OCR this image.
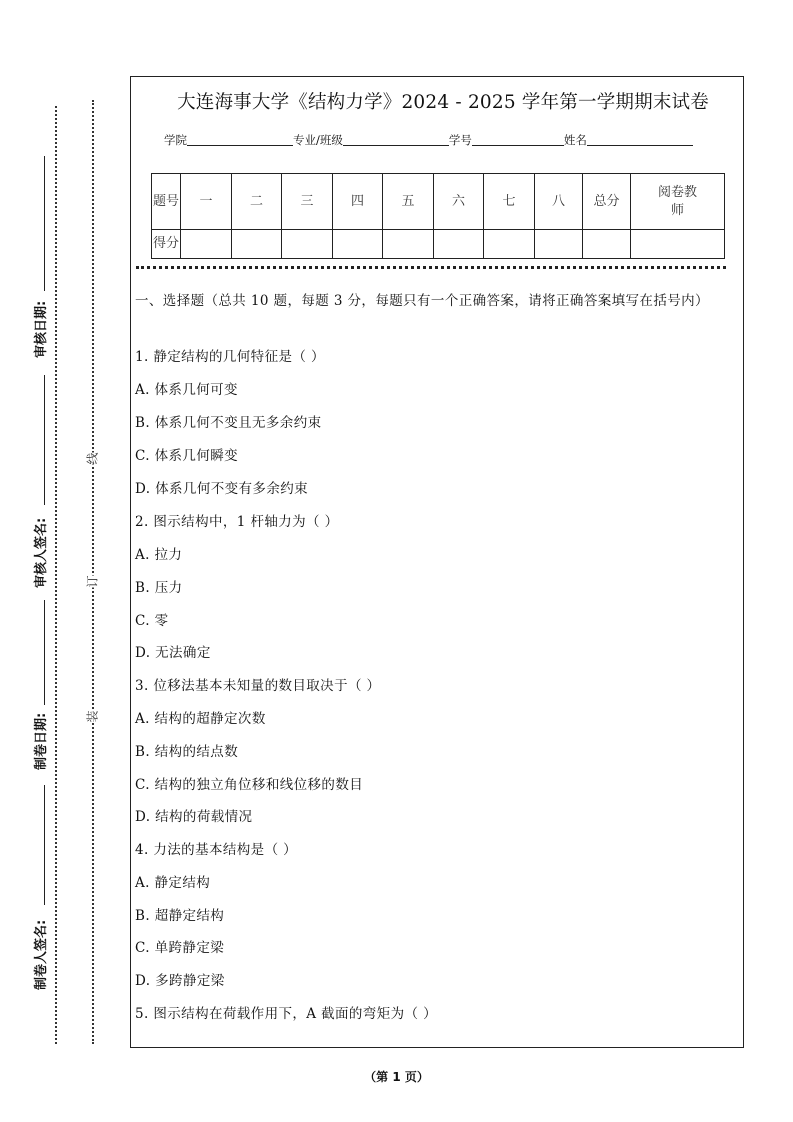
审核日期:
审核人签名:
制卷日期:
制卷人签名:
线
订
装
大连海事大学《结构力学》2024 - 2025 学年第一学期期末试卷
学院	专业/班级	学号	姓名
题号	一	二	三	四	五	六	七	八	总分	阅卷教师
得分										
一、选择题（总共 10 题，每题 3 分，每题只有一个正确答案，请将正确答案填写在括号内）
1. 静定结构的几何特征是（ ）
A. 体系几何可变
B. 体系几何不变且无多余约束
C. 体系几何瞬变
D. 体系几何不变有多余约束
2. 图示结构中，1 杆轴力为（ ）
A. 拉力
B. 压力
C. 零
D. 无法确定
3. 位移法基本未知量的数目取决于（ ）
A. 结构的超静定次数
B. 结构的结点数
C. 结构的独立角位移和线位移的数目
D. 结构的荷载情况
4. 力法的基本结构是（ ）
A. 静定结构
B. 超静定结构
C. 单跨静定梁
D. 多跨静定梁
5. 图示结构在荷载作用下，A 截面的弯矩为（ ）
（第 1 页）
